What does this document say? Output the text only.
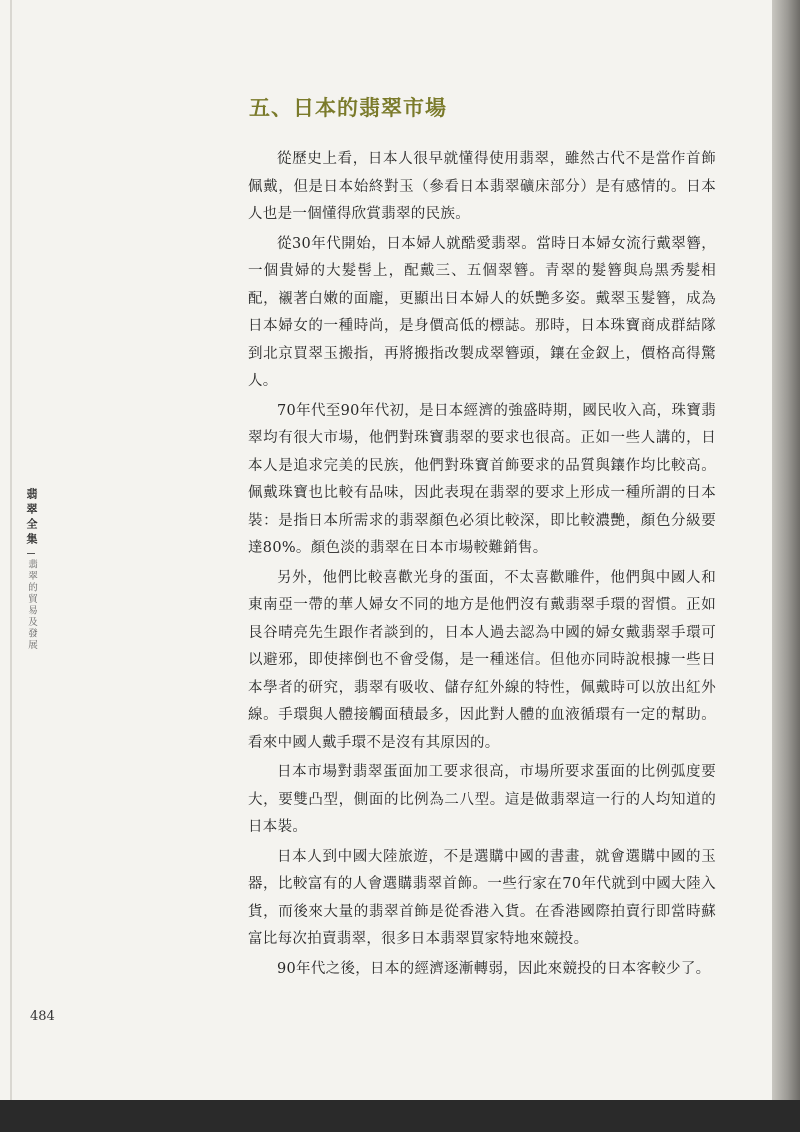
五、日本的翡翠市場

從歷史上看，日本人很早就懂得使用翡翠，雖然古代不是當作首飾佩戴，但是日本始終對玉（參看日本翡翠礦床部分）是有感情的。日本人也是一個懂得欣賞翡翠的民族。

從30年代開始，日本婦人就酷愛翡翠。當時日本婦女流行戴翠簪，一個貴婦的大髮髻上，配戴三、五個翠簪。青翠的髮簪與烏黑秀髮相配，襯著白嫩的面龐，更顯出日本婦人的妖艷多姿。戴翠玉髮簪，成為日本婦女的一種時尚，是身價高低的標誌。那時，日本珠寶商成群結隊到北京買翠玉搬指，再將搬指改製成翠簪頭，鑲在金釵上，價格高得驚人。

70年代至90年代初，是日本經濟的強盛時期，國民收入高，珠寶翡翠均有很大市場，他們對珠寶翡翠的要求也很高。正如一些人講的，日本人是追求完美的民族，他們對珠寶首飾要求的品質與鑲作均比較高。佩戴珠寶也比較有品味，因此表現在翡翠的要求上形成一種所謂的日本裝：是指日本所需求的翡翠顏色必須比較深，即比較濃艷，顏色分級要達80%。顏色淡的翡翠在日本市場較難銷售。

另外，他們比較喜歡光身的蛋面，不太喜歡雕件，他們與中國人和東南亞一帶的華人婦女不同的地方是他們沒有戴翡翠手環的習慣。正如艮谷晴亮先生跟作者談到的，日本人過去認為中國的婦女戴翡翠手環可以避邪，即使摔倒也不會受傷，是一種迷信。但他亦同時說根據一些日本學者的研究，翡翠有吸收、儲存紅外線的特性，佩戴時可以放出紅外線。手環與人體接觸面積最多，因此對人體的血液循環有一定的幫助。看來中國人戴手環不是沒有其原因的。

日本市場對翡翠蛋面加工要求很高，市場所要求蛋面的比例弧度要大，要雙凸型，側面的比例為二八型。這是做翡翠這一行的人均知道的日本裝。

日本人到中國大陸旅遊，不是選購中國的書畫，就會選購中國的玉器，比較富有的人會選購翡翠首飾。一些行家在70年代就到中國大陸入貨，而後來大量的翡翠首飾是從香港入貨。在香港國際拍賣行即當時蘇富比每次拍賣翡翠，很多日本翡翠買家特地來競投。

90年代之後，日本的經濟逐漸轉弱，因此來競投的日本客較少了。

翡翠全集
翡翠的貿易及發展

484
